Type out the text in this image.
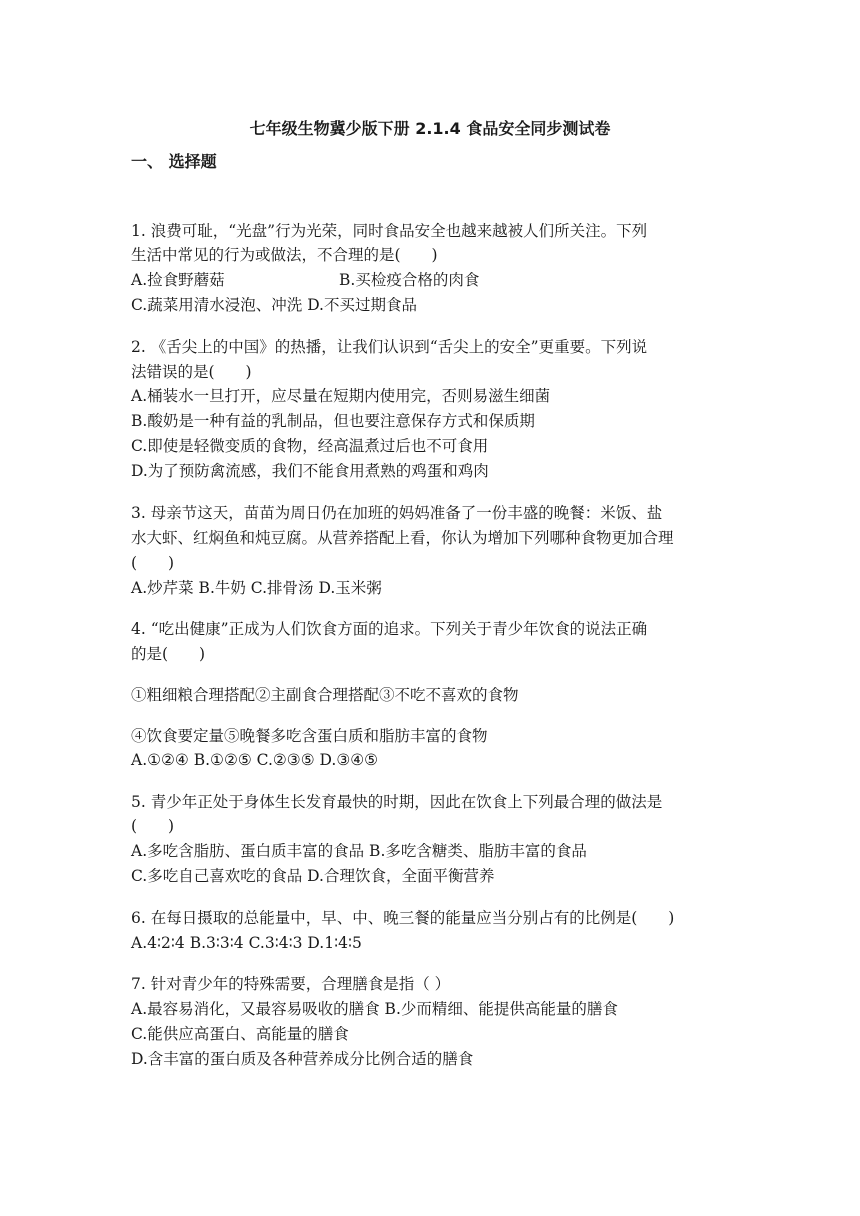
七年级生物冀少版下册 2.1.4 食品安全同步测试卷
一、 选择题
1. 浪费可耻，“光盘”行为光荣，同时食品安全也越来越被人们所关注。下列
生活中常见的行为或做法，不合理的是(　　)
A.捡食野蘑菇	B.买检疫合格的肉食
C.蔬菜用清水浸泡、冲洗 D.不买过期食品
2. 《舌尖上的中国》的热播，让我们认识到“舌尖上的安全”更重要。下列说
法错误的是(　　)
A.桶装水一旦打开，应尽量在短期内使用完，否则易滋生细菌
B.酸奶是一种有益的乳制品，但也要注意保存方式和保质期
C.即使是轻微变质的食物，经高温煮过后也不可食用
D.为了预防禽流感，我们不能食用煮熟的鸡蛋和鸡肉
3. 母亲节这天，苗苗为周日仍在加班的妈妈准备了一份丰盛的晚餐：米饭、盐
水大虾、红焖鱼和炖豆腐。从营养搭配上看，你认为增加下列哪种食物更加合理
(　　)
A.炒芹菜 B.牛奶 C.排骨汤 D.玉米粥
4. “吃出健康”正成为人们饮食方面的追求。下列关于青少年饮食的说法正确
的是(　　)
①粗细粮合理搭配②主副食合理搭配③不吃不喜欢的食物
④饮食要定量⑤晚餐多吃含蛋白质和脂肪丰富的食物
A.①②④ B.①②⑤ C.②③⑤ D.③④⑤
5. 青少年正处于身体生长发育最快的时期，因此在饮食上下列最合理的做法是
(　　)
A.多吃含脂肪、蛋白质丰富的食品 B.多吃含糖类、脂肪丰富的食品
C.多吃自己喜欢吃的食品 D.合理饮食，全面平衡营养
6. 在每日摄取的总能量中，早、中、晚三餐的能量应当分别占有的比例是(　　)
A.4∶2∶4 B.3∶3∶4 C.3∶4∶3 D.1∶4∶5
7. 针对青少年的特殊需要，合理膳食是指（ ）
A.最容易消化，又最容易吸收的膳食 B.少而精细、能提供高能量的膳食
C.能供应高蛋白、高能量的膳食
D.含丰富的蛋白质及各种营养成分比例合适的膳食
